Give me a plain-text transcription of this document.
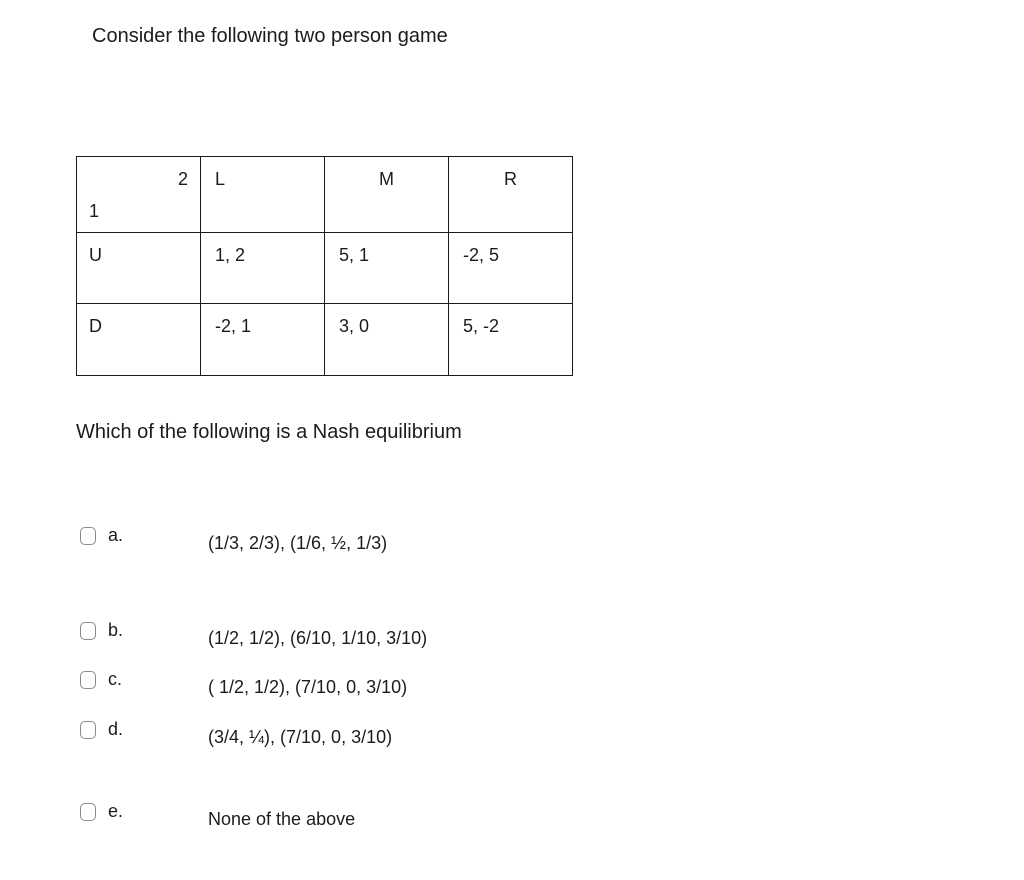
Consider the following two person game
2
1	L	M	R

U	1, 2	5, 1	-2, 5

D	-2, 1	3, 0	5, -2
Which of the following is a Nash equilibrium
a.	(1/3, 2/3), (1/6, ½, 1/3)
b.	(1/2, 1/2), (6/10, 1/10, 3/10)
c.	( 1/2, 1/2), (7/10, 0, 3/10)
d.	(3/4, ¼), (7/10, 0, 3/10)
e.	None of the above
